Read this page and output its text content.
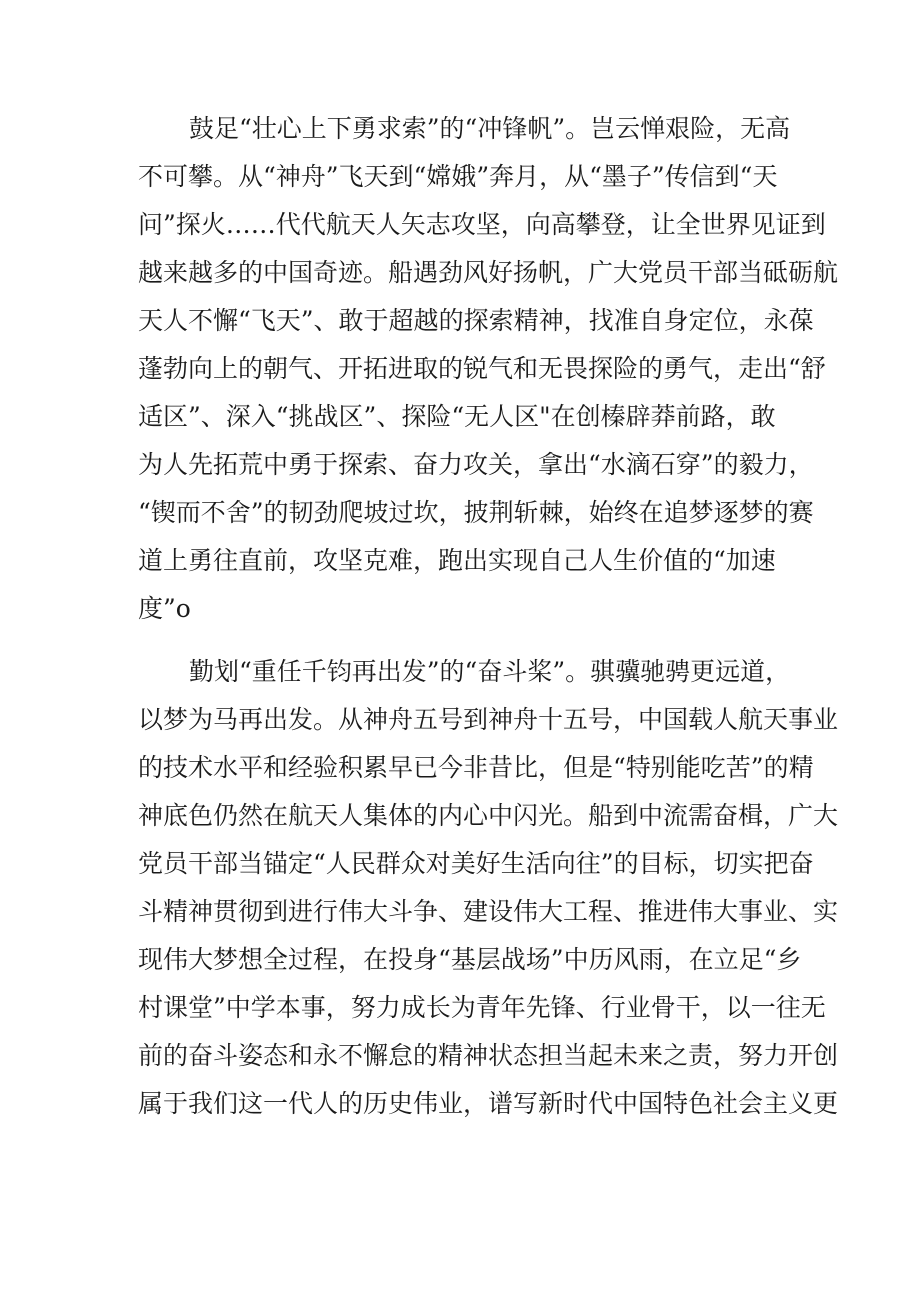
鼓足“壮心上下勇求索”的“冲锋帆”。岂云惮艰险，无高
不可攀。从“神舟”飞天到“嫦娥”奔月，从“墨子”传信到“天
问”探火……代代航天人矢志攻坚，向高攀登，让全世界见证到
越来越多的中国奇迹。船遇劲风好扬帆，广大党员干部当砥砺航
天人不懈“飞天”、敢于超越的探索精神，找准自身定位，永葆
蓬勃向上的朝气、开拓进取的锐气和无畏探险的勇气，走出“舒
适区”、深入“挑战区”、探险“无人区"在创榛辟莽前路，敢
为人先拓荒中勇于探索、奋力攻关，拿出“水滴石穿”的毅力，
“锲而不舍”的韧劲爬坡过坎，披荆斩棘，始终在追梦逐梦的赛
道上勇往直前，攻坚克难，跑出实现自己人生价值的“加速
度”o
勤划“重任千钧再出发”的“奋斗桨”。骐骥驰骋更远道，
以梦为马再出发。从神舟五号到神舟十五号，中国载人航天事业
的技术水平和经验积累早已今非昔比，但是“特别能吃苦”的精
神底色仍然在航天人集体的内心中闪光。船到中流需奋楫，广大
党员干部当锚定“人民群众对美好生活向往”的目标，切实把奋
斗精神贯彻到进行伟大斗争、建设伟大工程、推进伟大事业、实
现伟大梦想全过程，在投身“基层战场”中历风雨，在立足“乡
村课堂”中学本事，努力成长为青年先锋、行业骨干，以一往无
前的奋斗姿态和永不懈怠的精神状态担当起未来之责，努力开创
属于我们这一代人的历史伟业，谱写新时代中国特色社会主义更
